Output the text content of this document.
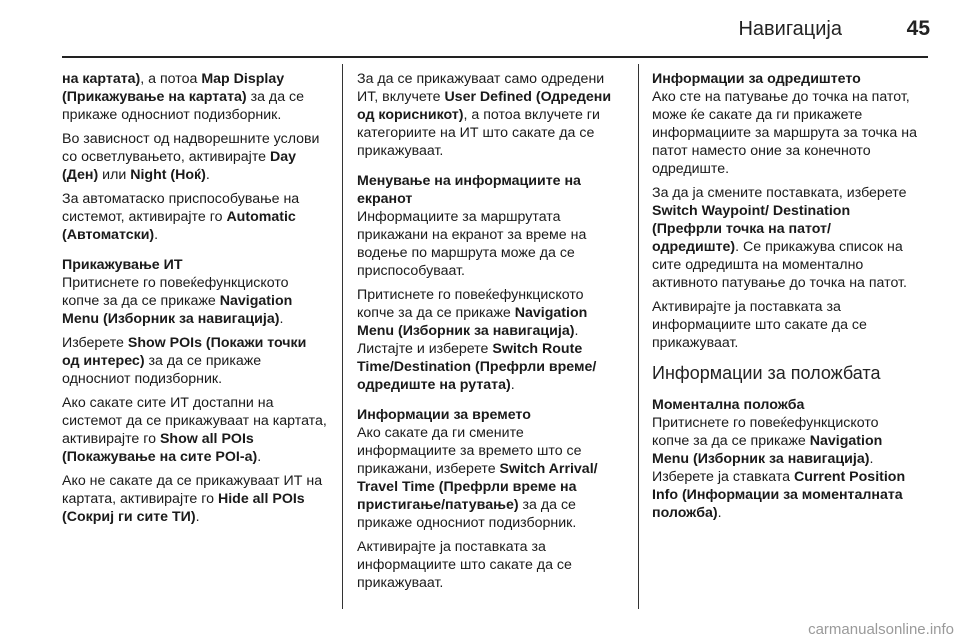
Навигација	45

на картата), а потоа Map Display (Прикажување на картата) за да се прикаже односниот подизборник.

Во зависност од надворешните услови со осветлувањето, активирајте Day (Ден) или Night (Ноќ).

За автоматаско приспособување на системот, активирајте го Automatic (Автоматски).

Прикажување ИТ

Притиснете го повеќефункциското копче за да се прикаже Navigation Menu (Изборник за навигација).

Изберете Show POIs (Покажи точки од интерес) за да се прикаже односниот подизборник.

Ако сакате сите ИТ достапни на системот да се прикажуваат на картата, активирајте го Show all POIs (Покажување на сите POI-а).

Ако не сакате да се прикажуваат ИТ на картата, активирајте го Hide all POIs (Сокриј ги сите ТИ).

За да се прикажуваат само одредени ИТ, вклучете User Defined (Одредени од корисникот), а потоа вклучете ги категориите на ИТ што сакате да се прикажуваат.

Менување на информациите на екранот

Информациите за маршрутата прикажани на екранот за време на водење по маршрута може да се приспособуваат.

Притиснете го повеќефункциското копче за да се прикаже Navigation Menu (Изборник за навигација).
Листајте и изберете Switch Route Time/Destination (Префрли време/ одредиште на рутата).

Информации за времето

Ако сакате да ги смените информациите за времето што се прикажани, изберете Switch Arrival/ Travel Time (Префрли време на пристигање/патување) за да се прикаже односниот подизборник.

Активирајте ја поставката за информациите што сакате да се прикажуваат.

Информации за одредиштето

Ако сте на патување до точка на патот, може ќе сакате да ги прикажете информациите за маршрута за точка на патот наместо оние за конечното одредиште.

За да ја смените поставката, изберете Switch Waypoint/ Destination (Префрли точка на патот/одредиште). Се прикажува список на сите одредишта на моментално активното патување до точка на патот.

Активирајте ја поставката за информациите што сакате да се прикажуваат.

Информации за положбата
Моментална положба

Притиснете го повеќефункциското копче за да се прикаже Navigation Menu (Изборник за навигација).
Изберете ја ставката Current Position Info (Информации за моменталната положба).

carmanualsonline.info
